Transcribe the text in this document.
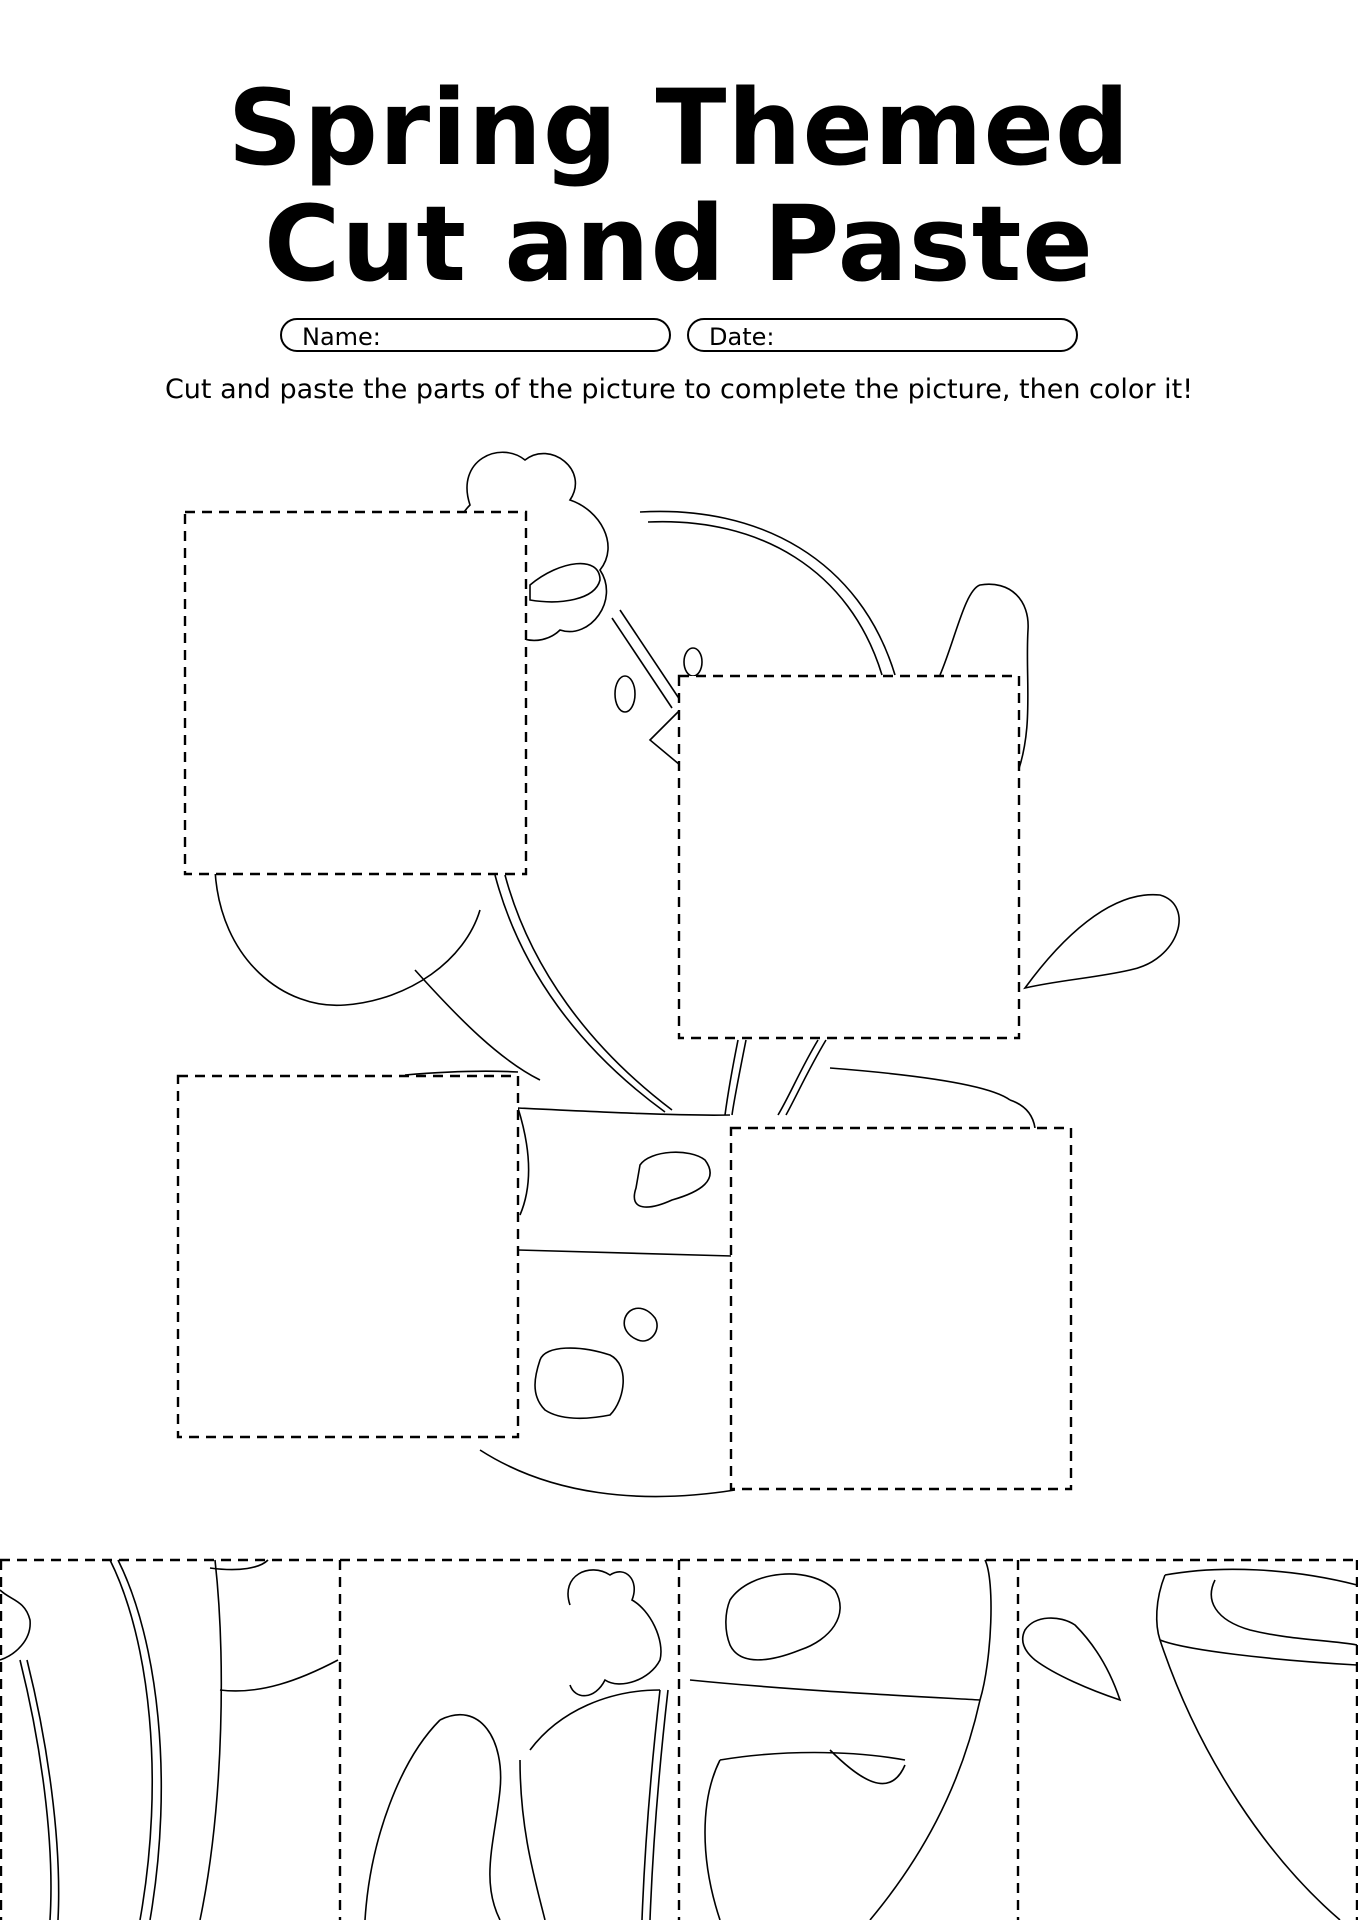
Spring Themed
Cut and Paste
Name:	Date:
Cut and paste the parts of the picture to complete the picture, then color it!
